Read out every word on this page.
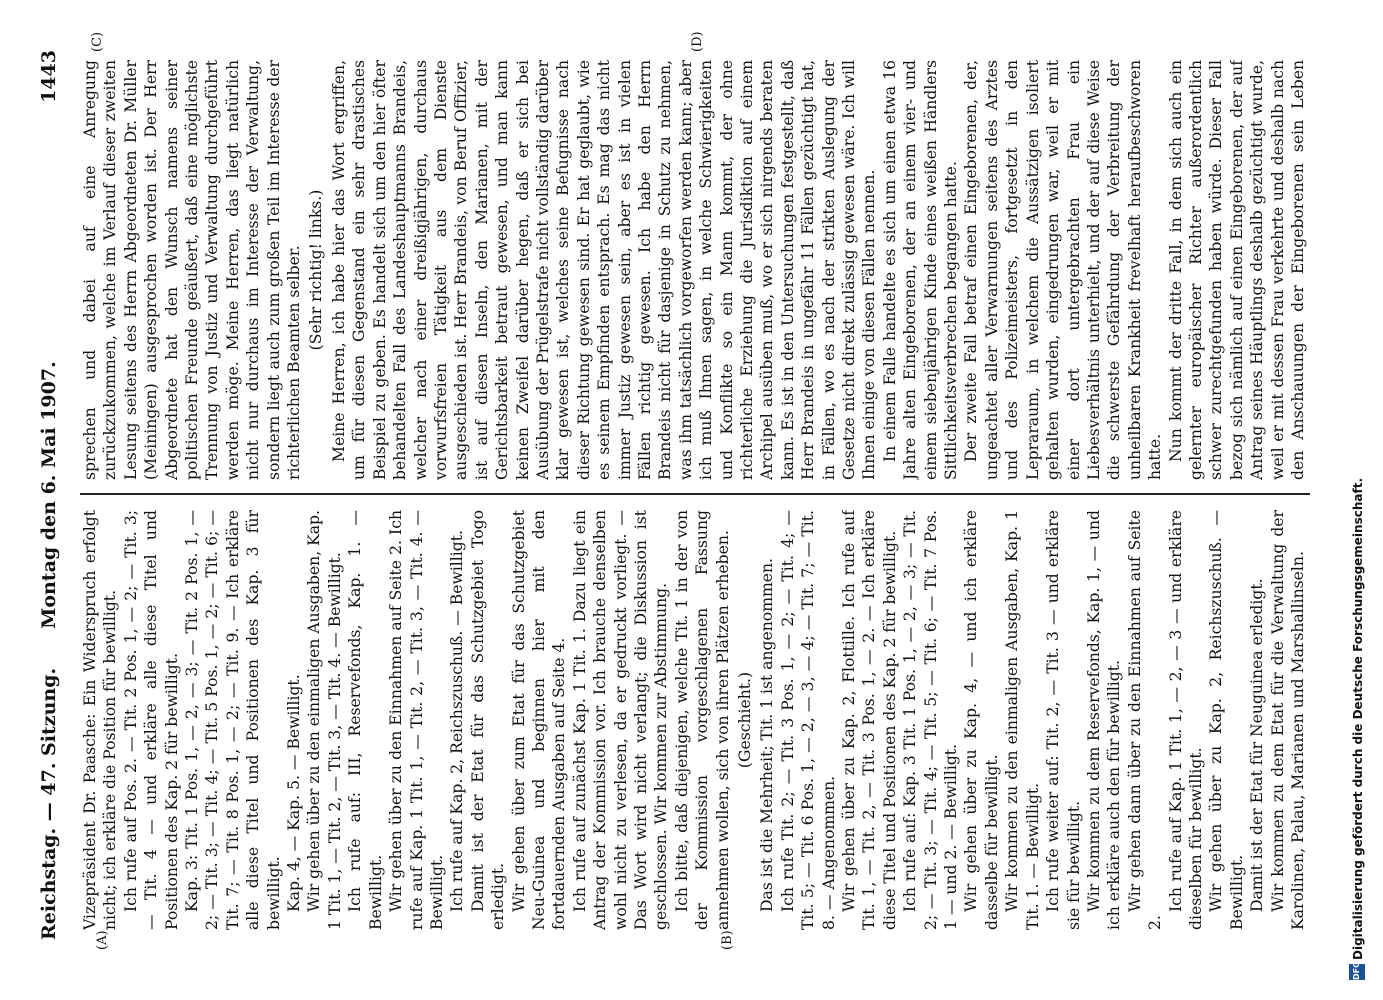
Reichstag. — 47. Sitzung.
Montag den 6. Mai 1907.
1443
(A)	(B)
(C)	(D)

Vizepräsident Dr. Paasche: Ein Widerspruch erfolgt nicht; ich erkläre die Position für bewilligt. Ich rufe auf Pos. 2. — Tit. 2 Pos. 1, — 2; — Tit. 3; — Tit. 4 — und erkläre alle diese Titel und Positionen des Kap. 2 für bewilligt. Kap. 3: Tit. 1 Pos. 1, — 2, — 3; — Tit. 2 Pos. 1, — 2; — Tit. 3; — Tit. 4; — Tit. 5 Pos. 1, — 2; — Tit. 6; — Tit. 7; — Tit. 8 Pos. 1, — 2; — Tit. 9. — Ich erkläre alle diese Titel und Positionen des Kap. 3 für bewilligt. Kap. 4, — Kap. 5. — Bewilligt. Wir gehen über zu den einmaligen Ausgaben, Kap. 1 Tit. 1, — Tit. 2, — Tit. 3, — Tit. 4. — Bewilligt. Ich rufe auf: III, Reservefonds, Kap. 1. — Bewilligt. Wir gehen über zu den Einnahmen auf Seite 2. Ich rufe auf Kap. 1 Tit. 1, — Tit. 2, — Tit. 3, — Tit. 4. — Bewilligt. Ich rufe auf Kap. 2, Reichszuschuß. — Bewilligt. Damit ist der Etat für das Schutzgebiet Togo erledigt. Wir gehen über zum Etat für das Schutzgebiet Neu-Guinea und beginnen hier mit den fortdauernden Ausgaben auf Seite 4. Ich rufe auf zunächst Kap. 1 Tit. 1. Dazu liegt ein Antrag der Kommission vor. Ich brauche denselben wohl nicht zu verlesen, da er gedruckt vorliegt. — Das Wort wird nicht verlangt; die Diskussion ist geschlossen. Wir kommen zur Abstimmung. Ich bitte, daß diejenigen, welche Tit. 1 in der von der Kommission vorgeschlagenen Fassung annehmen wollen, sich von ihren Plätzen erheben. (Geschieht.) Das ist die Mehrheit; Tit. 1 ist angenommen. Ich rufe Tit. 2; — Tit. 3 Pos. 1, — 2; — Tit. 4; — Tit. 5; — Tit. 6 Pos. 1, — 2, — 3, — 4; — Tit. 7; — Tit. 8. — Angenommen. Wir gehen über zu Kap. 2, Flottille. Ich rufe auf Tit. 1, — Tit. 2, — Tit. 3 Pos. 1, — 2. — Ich erkläre diese Titel und Positionen des Kap. 2 für bewilligt. Ich rufe auf: Kap. 3 Tit. 1 Pos. 1, — 2, — 3; — Tit. 2; — Tit. 3; — Tit. 4; — Tit. 5; — Tit. 6; — Tit. 7 Pos. 1 — und 2. — Bewilligt. Wir gehen über zu Kap. 4, — und ich erkläre dasselbe für bewilligt. Wir kommen zu den einmaligen Ausgaben, Kap. 1 Tit. 1. — Bewilligt. Ich rufe weiter auf: Tit. 2, — Tit. 3 — und erkläre sie für bewilligt. Wir kommen zu dem Reservefonds, Kap. 1, — und ich erkläre auch den für bewilligt. Wir gehen dann über zu den Einnahmen auf Seite 2.

Ich rufe auf Kap. 1 Tit. 1, — 2, — 3 — und erkläre dieselben für bewilligt. Wir gehen über zu Kap. 2, Reichszuschuß. — Bewilligt. Damit ist der Etat für Neuguinea erledigt. Wir kommen zu dem Etat für die Verwaltung der Karolinen, Palau, Marianen und Marshallinseln.

sprechen und dabei auf eine Anregung zurückzukommen, welche im Verlauf dieser zweiten Lesung seitens des Herrn Abgeordneten Dr. Müller (Meiningen) ausgesprochen worden ist. Der Herr Abgeordnete hat den Wunsch namens seiner politischen Freunde geäußert, daß eine möglichste Trennung von Justiz und Verwaltung durchgeführt werden möge. Meine Herren, das liegt natürlich nicht nur durchaus im Interesse der Verwaltung, sondern liegt auch zum großen Teil im Interesse der richterlichen Beamten selber. (Sehr richtig! links.) Meine Herren, ich habe hier das Wort ergriffen, um für diesen Gegenstand ein sehr drastisches Beispiel zu geben. Es handelt sich um den hier öfter behandelten Fall des Landeshauptmanns Brandeis, welcher nach einer dreißigjährigen, durchaus vorwurfsfreien Tätigkeit aus dem Dienste ausgeschieden ist. Herr Brandeis, von Beruf Offizier, ist auf diesen Inseln, den Marianen, mit der Gerichtsbarkeit betraut gewesen, und man kann keinen Zweifel darüber hegen, daß er sich bei Ausübung der Prügelstrafe nicht vollständig darüber klar gewesen ist, welches seine Befugnisse nach dieser Richtung gewesen sind. Er hat geglaubt, wie es seinem Empfinden entsprach. Es mag das nicht immer Justiz gewesen sein, aber es ist in vielen Fällen richtig gewesen. Ich habe den Herrn Brandeis nicht für dasjenige in Schutz zu nehmen, was ihm tatsächlich vorgeworfen werden kann; aber ich muß Ihnen sagen, in welche Schwierigkeiten und Konflikte so ein Mann kommt, der ohne richterliche Erziehung die Jurisdiktion auf einem Archipel ausüben muß, wo er sich nirgends beraten kann. Es ist in den Untersuchungen festgestellt, daß Herr Brandeis in ungefähr 11 Fällen gezüchtigt hat, in Fällen, wo es nach der strikten Auslegung der Gesetze nicht direkt zulässig gewesen wäre. Ich will Ihnen einige von diesen Fällen nennen. In einem Falle handelte es sich um einen etwa 16 Jahre alten Eingeborenen, der an einem vier- und einem siebenjährigen Kinde eines weißen Händlers Sittlichkeitsverbrechen begangen hatte. Der zweite Fall betraf einen Eingeborenen, der, ungeachtet aller Verwarnungen seitens des Arztes und des Polizeimeisters, fortgesetzt in den Lepraraum, in welchem die Aussätzigen isoliert gehalten wurden, eingedrungen war, weil er mit einer dort untergebrachten Frau ein Liebesverhältnis unterhielt, und der auf diese Weise die schwerste Gefährdung der Verbreitung der unheilbaren Krankheit frevelhaft heraufbeschworen hatte. Nun kommt der dritte Fall, in dem sich auch ein gelernter europäischer Richter außerordentlich schwer zurechtgefunden haben würde. Dieser Fall bezog sich nämlich auf einen Eingeborenen, der auf Antrag seines Häuptlings deshalb gezüchtigt wurde, weil er mit dessen Frau verkehrte und deshalb nach den Anschauungen der Eingeborenen sein Leben

DFG
Digitalisierung gefördert durch die Deutsche Forschungsgemeinschaft.
